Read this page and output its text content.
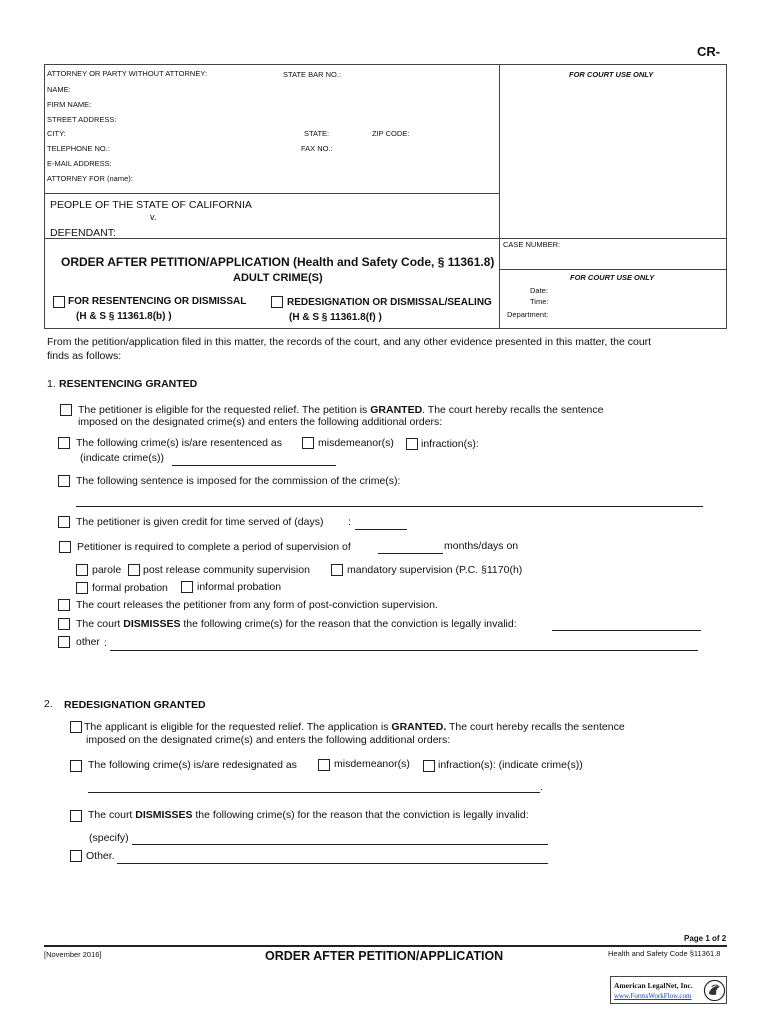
CR-
ATTORNEY OR PARTY WITHOUT ATTORNEY:	STATE BAR NO.:	FOR COURT USE ONLY
NAME:
FIRM NAME:
STREET ADDRESS:
CITY:	STATE:	ZIP CODE:
TELEPHONE NO.:	FAX NO.:
E-MAIL ADDRESS:
ATTORNEY FOR (name):
PEOPLE OF THE STATE OF CALIFORNIA
v.
DEFENDANT:
CASE NUMBER:
ORDER AFTER PETITION/APPLICATION (Health and Safety Code, § 11361.8)
ADULT CRIME(S)
FOR RESENTENCING OR DISMISSAL
(H & S § 11361.8(b) )
REDESIGNATION OR DISMISSAL/SEALING
(H & S § 11361.8(f) )
FOR COURT USE ONLY
Date:
Time:
Department:
From the petition/application filed in this matter, the records of the court, and any other evidence presented in this matter, the court
finds as follows:
1. RESENTENCING GRANTED
The petitioner is eligible for the requested relief. The petition is GRANTED. The court hereby recalls the sentence
imposed on the designated crime(s) and enters the following additional orders:
The following crime(s) is/are resentenced as	misdemeanor(s)	infraction(s):
(indicate crime(s))
The following sentence is imposed for the commission of the crime(s):
The petitioner is given credit for time served of (days) :
Petitioner is required to complete a period of supervision of	months/days on
parole post release community supervision	mandatory supervision (P.C. §1170(h)
formal probation	informal probation
The court releases the petitioner from any form of post-conviction supervision.
The court DISMISSES the following crime(s) for the reason that the conviction is legally invalid:
other :
2. REDESIGNATION GRANTED
The applicant is eligible for the requested relief. The application is GRANTED. The court hereby recalls the sentence
imposed on the designated crime(s) and enters the following additional orders:
The following crime(s) is/are redesignated as	misdemeanor(s)	infraction(s): (indicate crime(s))
.
The court DISMISSES the following crime(s) for the reason that the conviction is legally invalid:
(specify)
Other.
Page 1 of 2
[November 2016]	ORDER AFTER PETITION/APPLICATION	Health and Safety Code §11361.8
American LegalNet, Inc.
www.FormsWorkFlow.com
